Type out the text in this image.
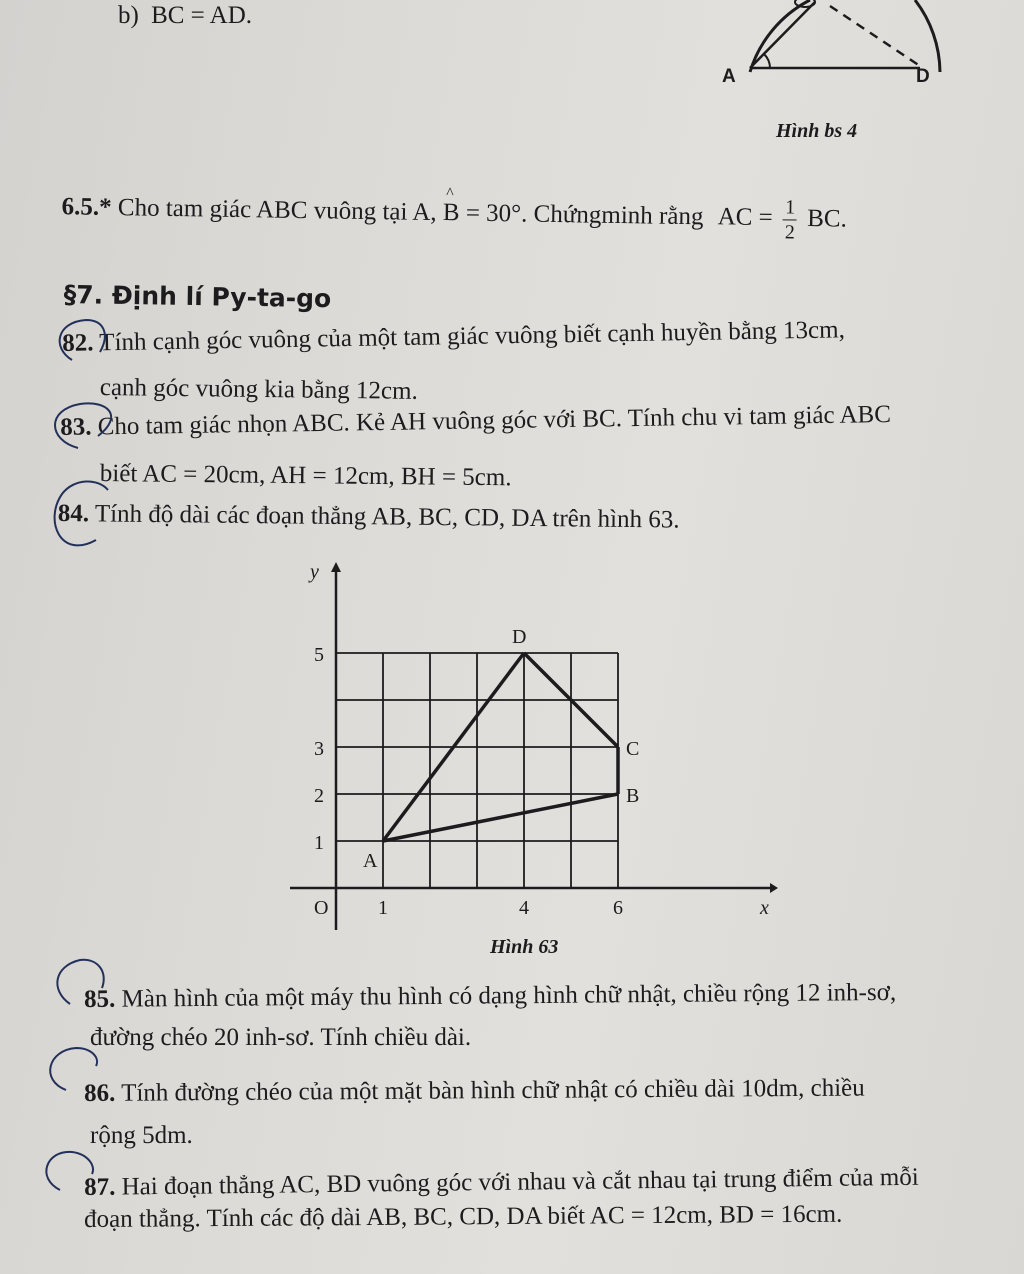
b) BC = AD.
A	D
Hình bs 4
6.5.* Cho tam giác ABC vuông tại A, ^ B = 30°. Chứngminh rằng AC = $\frac{1}{2}$ BC.
§7. Định lí Py-ta-go
82. Tính cạnh góc vuông của một tam giác vuông biết cạnh huyền bằng 13cm,
cạnh góc vuông kia bằng 12cm.
83. Cho tam giác nhọn ABC. Kẻ AH vuông góc với BC. Tính chu vi tam giác ABC
biết AC = 20cm, AH = 12cm, BH = 5cm.
84. Tính độ dài các đoạn thẳng AB, BC, CD, DA trên hình 63.
A
B
C
D
1	4	6
1
2
3
5
O	x
y
Hình 63
85. Màn hình của một máy thu hình có dạng hình chữ nhật, chiều rộng 12 inh-sơ,
đường chéo 20 inh-sơ. Tính chiều dài.
86. Tính đường chéo của một mặt bàn hình chữ nhật có chiều dài 10dm, chiều
rộng 5dm.
87. Hai đoạn thẳng AC, BD vuông góc với nhau và cắt nhau tại trung điểm của mỗi
đoạn thẳng. Tính các độ dài AB, BC, CD, DA biết AC = 12cm, BD = 16cm.
